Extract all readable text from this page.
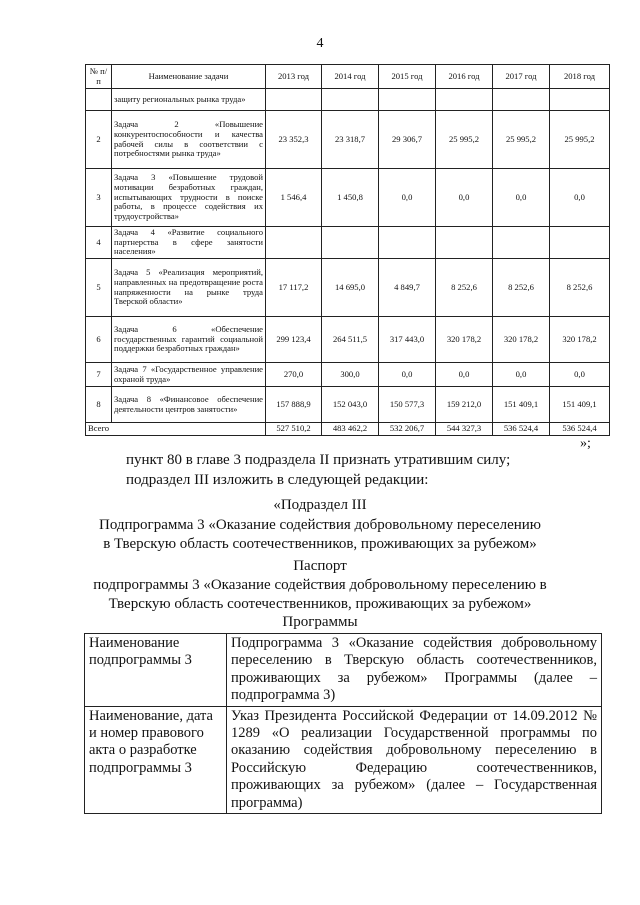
4
№ п/п	Наименование задачи	2013 год	2014 год	2015 год	2016 год	2017 год	2018 год
	защиту региональных рынка труда»						
2	Задача 2 «Повышение конкурентоспособности и качества рабочей силы в соответствии с потребностями рынка труда»	23 352,3	23 318,7	29 306,7	25 995,2	25 995,2	25 995,2
3	Задача 3 «Повышение трудовой мотивации безработных граждан, испытывающих трудности в поиске работы, в процессе содействия их трудоустройства»	1 546,4	1 450,8	0,0	0,0	0,0	0,0
4	Задача 4 «Развитие социального партнерства в сфере занятости населения»						
5	Задача 5 «Реализация мероприятий, направленных на предотвращение роста напряженности на рынке труда Тверской области»	17 117,2	14 695,0	4 849,7	8 252,6	8 252,6	8 252,6
6	Задача 6 «Обеспечение государственных гарантий социальной поддержки безработных граждан»	299 123,4	264 511,5	317 443,0	320 178,2	320 178,2	320 178,2
7	Задача 7 «Государственное управление охраной труда»	270,0	300,0	0,0	0,0	0,0	0,0
8	Задача 8 «Финансовое обеспечение деятельности центров занятости»	157 888,9	152 043,0	150 577,3	159 212,0	151 409,1	151 409,1
Всего		527 510,2	483 462,2	532 206,7	544 327,3	536 524,4	536 524,4
»;
пункт 80 в главе 3 подраздела II признать утратившим силу;
подраздел III изложить в следующей редакции:
«Подраздел III
Подпрограмма 3 «Оказание содействия добровольному переселению
в Тверскую область соотечественников, проживающих за рубежом»
Паспорт
подпрограммы 3 «Оказание содействия добровольному переселению в
Тверскую область соотечественников, проживающих за рубежом»
Программы
Наименование подпрограммы 3	Подпрограмма 3 «Оказание содействия добровольному переселению в Тверскую область соотечественников, проживающих за рубежом» Программы (далее – подпрограмма 3)
Наименование, дата и номер правового акта о разработке подпрограммы 3	Указ Президента Российской Федерации от 14.09.2012 № 1289 «О реализации Государственной программы по оказанию содействия добровольному переселению в Российскую Федерацию соотечественников, проживающих за рубежом» (далее – Государственная программа)
